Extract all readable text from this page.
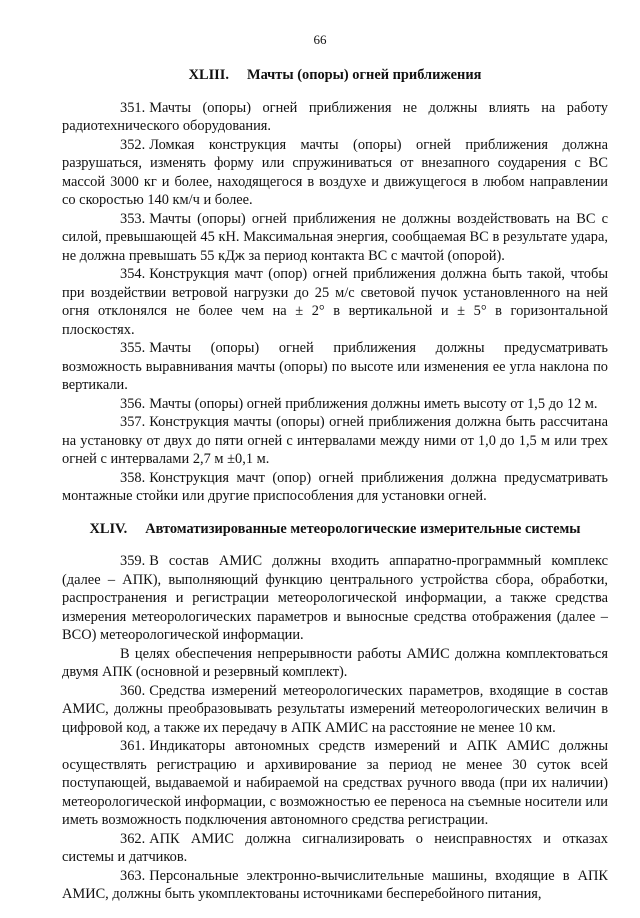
66
XLIII. Мачты (опоры) огней приближения

351. Мачты (опоры) огней приближения не должны влиять на работу радиотехнического оборудования.

352. Ломкая конструкция мачты (опоры) огней приближения должна разрушаться, изменять форму или спружиниваться от внезапного соударения с ВС массой 3000 кг и более, находящегося в воздухе и движущегося в любом направлении со скоростью 140 км/ч и более.

353. Мачты (опоры) огней приближения не должны воздействовать на ВС с силой, превышающей 45 кН. Максимальная энергия, сообщаемая ВС в результате удара, не должна превышать 55 кДж за период контакта ВС с мачтой (опорой).

354. Конструкция мачт (опор) огней приближения должна быть такой, чтобы при воздействии ветровой нагрузки до 25 м/с световой пучок установленного на ней огня отклонялся не более чем на ± 2° в вертикальной и ± 5° в горизонтальной плоскостях.

355. Мачты (опоры) огней приближения должны предусматривать возможность выравнивания мачты (опоры) по высоте или изменения ее угла наклона по вертикали.

356. Мачты (опоры) огней приближения должны иметь высоту от 1,5 до 12 м.

357. Конструкция мачты (опоры) огней приближения должна быть рассчитана на установку от двух до пяти огней с интервалами между ними от 1,0 до 1,5 м или трех огней с интервалами 2,7 м ±0,1 м.

358. Конструкция мачт (опор) огней приближения должна предусматривать монтажные стойки или другие приспособления для установки огней.

XLIV. Автоматизированные метеорологические измерительные системы

359. В состав АМИС должны входить аппаратно-программный комплекс (далее – АПК), выполняющий функцию центрального устройства сбора, обработки, распространения и регистрации метеорологической информации, а также средства измерения метеорологических параметров и выносные средства отображения (далее – ВСО) метеорологической информации.

В целях обеспечения непрерывности работы АМИС должна комплектоваться двумя АПК (основной и резервный комплект).

360. Средства измерений метеорологических параметров, входящие в состав АМИС, должны преобразовывать результаты измерений метеорологических величин в цифровой код, а также их передачу в АПК АМИС на расстояние не менее 10 км.

361. Индикаторы автономных средств измерений и АПК АМИС должны осуществлять регистрацию и архивирование за период не менее 30 суток всей поступающей, выдаваемой и набираемой на средствах ручного ввода (при их наличии) метеорологической информации, с возможностью ее переноса на съемные носители или иметь возможность подключения автономного средства регистрации.

362. АПК АМИС должна сигнализировать о неисправностях и отказах системы и датчиков.

363. Персональные электронно-вычислительные машины, входящие в АПК АМИС, должны быть укомплектованы источниками бесперебойного питания,
